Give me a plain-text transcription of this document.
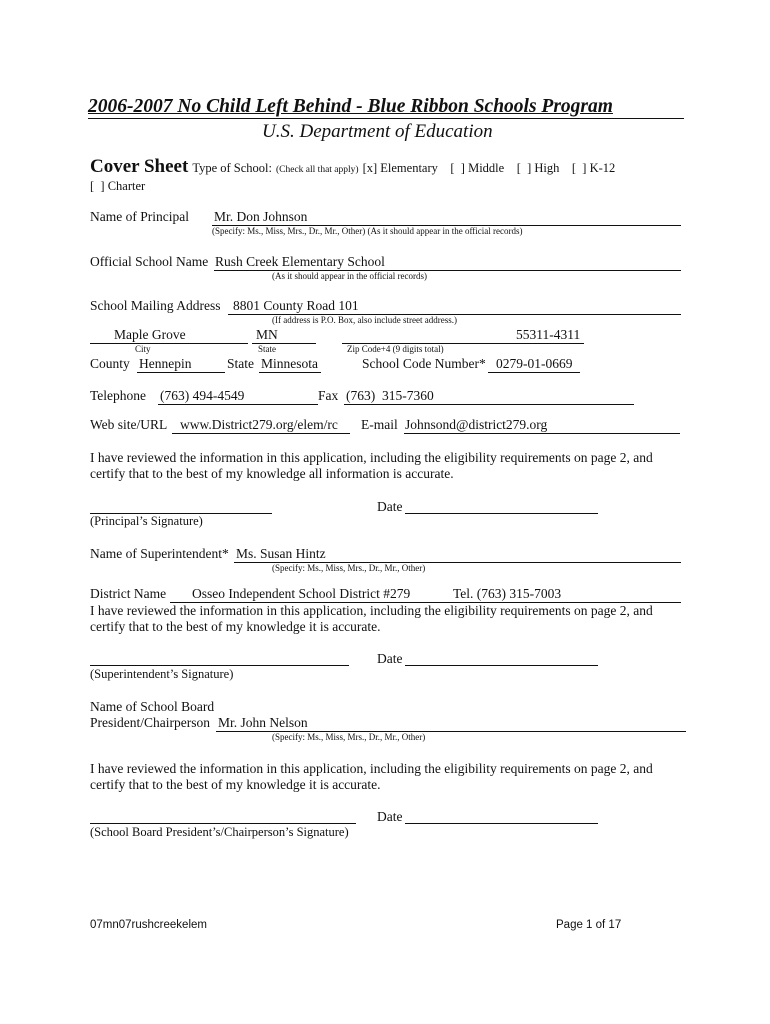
2006-2007 No Child Left Behind - Blue Ribbon Schools Program
U.S. Department of Education
Cover Sheet Type of School: (Check all that apply) [x] Elementary    [  ] Middle    [  ] High    [  ] K-12
[  ] Charter
Name of Principal Mr. Don Johnson
(Specify: Ms., Miss, Mrs., Dr., Mr., Other) (As it should appear in the official records)
Official School Name Rush Creek Elementary School
(As it should appear in the official records)
School Mailing Address 8801 County Road 101
(If address is P.O. Box, also include street address.)
Maple Grove	MN	55311-4311
City	State	Zip Code+4 (9 digits total)
County Hennepin	State Minnesota	School Code Number* 0279-01-0669
Telephone (763) 494-4549	Fax (763)  315-7360
Web site/URL www.District279.org/elem/rc E-mail Johnsond@district279.org
I have reviewed the information in this application, including the eligibility requirements on page 2, and
certify that to the best of my knowledge all information is accurate.
Date
(Principal’s Signature)
Name of Superintendent* Ms. Susan Hintz
(Specify: Ms., Miss, Mrs., Dr., Mr., Other)
District Name Osseo Independent School District #279	Tel. (763) 315-7003
I have reviewed the information in this application, including the eligibility requirements on page 2, and
certify that to the best of my knowledge it is accurate.
Date
(Superintendent’s Signature)
Name of School Board
President/Chairperson Mr. John Nelson
(Specify: Ms., Miss, Mrs., Dr., Mr., Other)
I have reviewed the information in this application, including the eligibility requirements on page 2, and
certify that to the best of my knowledge it is accurate.
Date
(School Board President’s/Chairperson’s Signature)
07mn07rushcreekelem	Page 1 of 17
